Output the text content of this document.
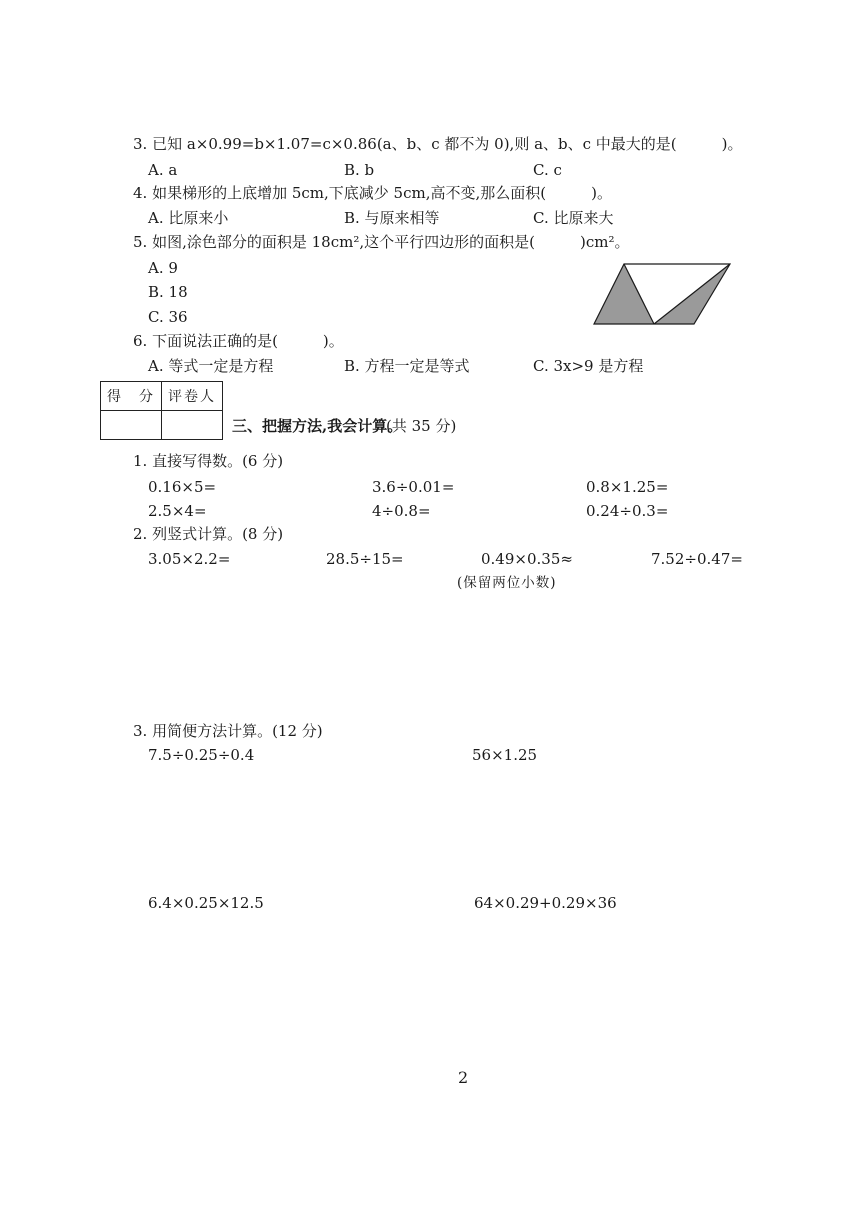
3. 已知 a×0.99=b×1.07=c×0.86(a、b、c 都不为 0),则 a、b、c 中最大的是(　　　)。
A. a	B. b	C. c
4. 如果梯形的上底增加 5cm,下底减少 5cm,高不变,那么面积(　　　)。
A. 比原来小	B. 与原来相等	C. 比原来大
5. 如图,涂色部分的面积是 18cm²,这个平行四边形的面积是(　　　)cm²。
A. 9
B. 18
C. 36
6. 下面说法正确的是(　　　)。
A. 等式一定是方程	B. 方程一定是等式	C. 3x>9 是方程
得　分	评卷人

三、把握方法,我会计算。
(共 35 分)
1. 直接写得数。(6 分)
0.16×5=	3.6÷0.01=	0.8×1.25=
2.5×4=	4÷0.8=	0.24÷0.3=
2. 列竖式计算。(8 分)
3.05×2.2=	28.5÷15=	0.49×0.35≈	7.52÷0.47=
(保留两位小数)
3. 用简便方法计算。(12 分)
7.5÷0.25÷0.4	56×1.25
6.4×0.25×12.5	64×0.29+0.29×36
2
